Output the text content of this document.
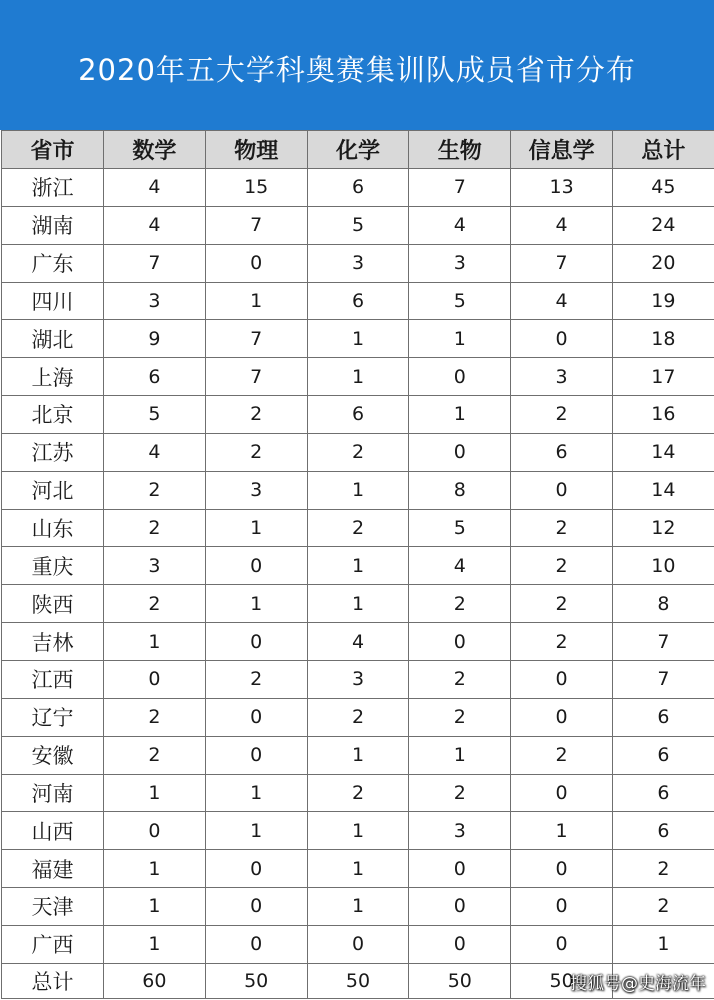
2020年五大学科奥赛集训队成员省市分布
省市	数学	物理	化学	生物	信息学	总计
浙江	4	15	6	7	13	45
湖南	4	7	5	4	4	24
广东	7	0	3	3	7	20
四川	3	1	6	5	4	19
湖北	9	7	1	1	0	18
上海	6	7	1	0	3	17
北京	5	2	6	1	2	16
江苏	4	2	2	0	6	14
河北	2	3	1	8	0	14
山东	2	1	2	5	2	12
重庆	3	0	1	4	2	10
陕西	2	1	1	2	2	8
吉林	1	0	4	0	2	7
江西	0	2	3	2	0	7
辽宁	2	0	2	2	0	6
安徽	2	0	1	1	2	6
河南	1	1	2	2	0	6
山西	0	1	1	3	1	6
福建	1	0	1	0	0	2
天津	1	0	1	0	0	2
广西	1	0	0	0	0	1
总计	60	50	50	50	50	
搜狐号@史海流年
